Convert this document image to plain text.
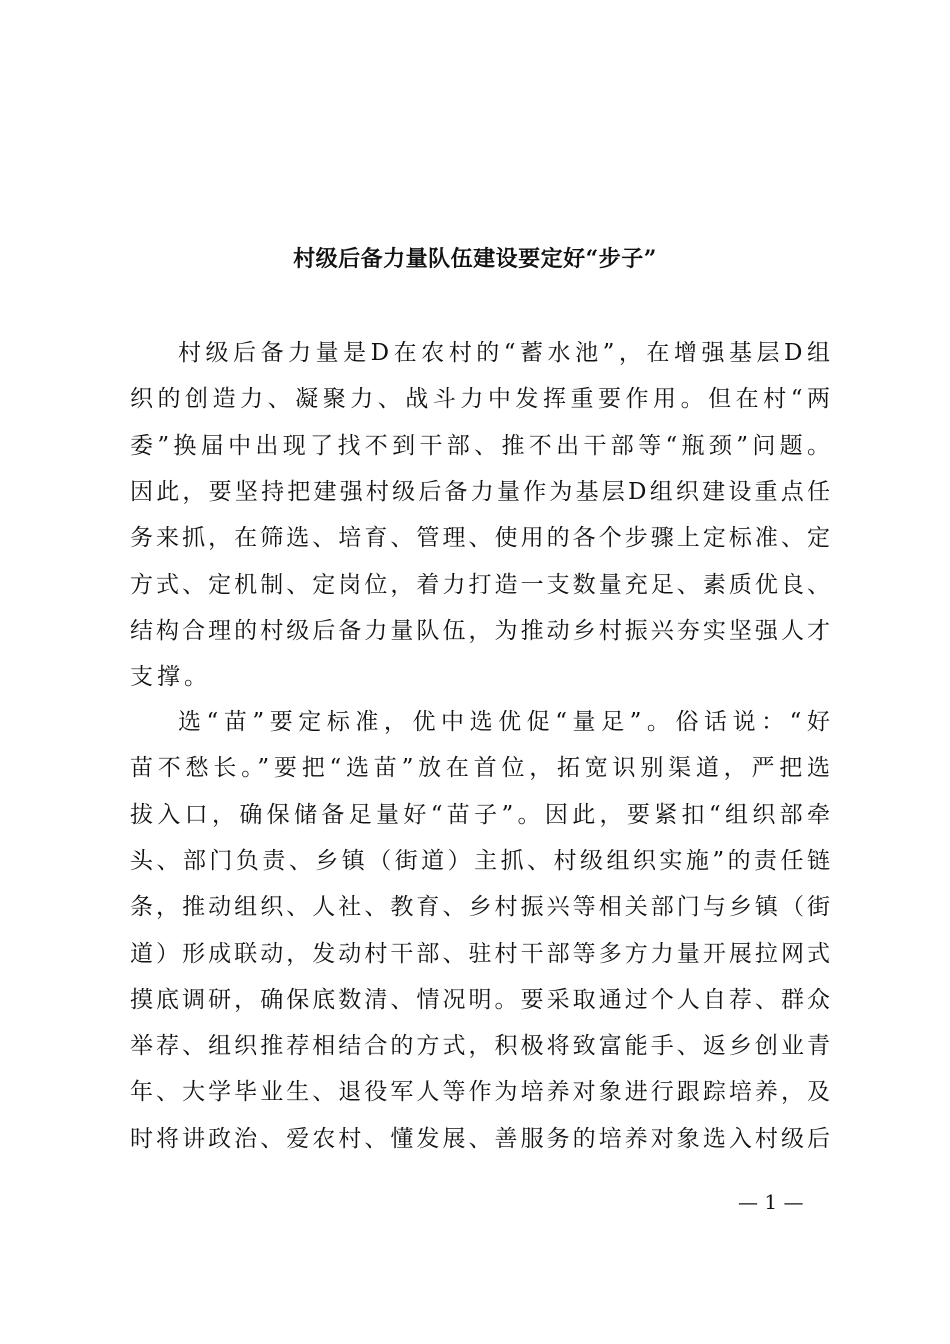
村级后备力量队伍建设要定好“步子”
村级后备力量是D在农村的“蓄水池”，在增强基层D组
织的创造力、凝聚力、战斗力中发挥重要作用。但在村“两
委”换届中出现了找不到干部、推不出干部等“瓶颈”问题。
因此，要坚持把建强村级后备力量作为基层D组织建设重点任
务来抓，在筛选、培育、管理、使用的各个步骤上定标准、定
方式、定机制、定岗位，着力打造一支数量充足、素质优良、
结构合理的村级后备力量队伍，为推动乡村振兴夯实坚强人才
支撑。
选“苗”要定标准，优中选优促“量足”。俗话说：“好
苗不愁长。”要把“选苗”放在首位，拓宽识别渠道，严把选
拔入口，确保储备足量好“苗子”。因此，要紧扣“组织部牵
头、部门负责、乡镇（街道）主抓、村级组织实施”的责任链
条，推动组织、人社、教育、乡村振兴等相关部门与乡镇（街
道）形成联动，发动村干部、驻村干部等多方力量开展拉网式
摸底调研，确保底数清、情况明。要采取通过个人自荐、群众
举荐、组织推荐相结合的方式，积极将致富能手、返乡创业青
年、大学毕业生、退役军人等作为培养对象进行跟踪培养，及
时将讲政治、爱农村、懂发展、善服务的培养对象选入村级后
— 1 —
